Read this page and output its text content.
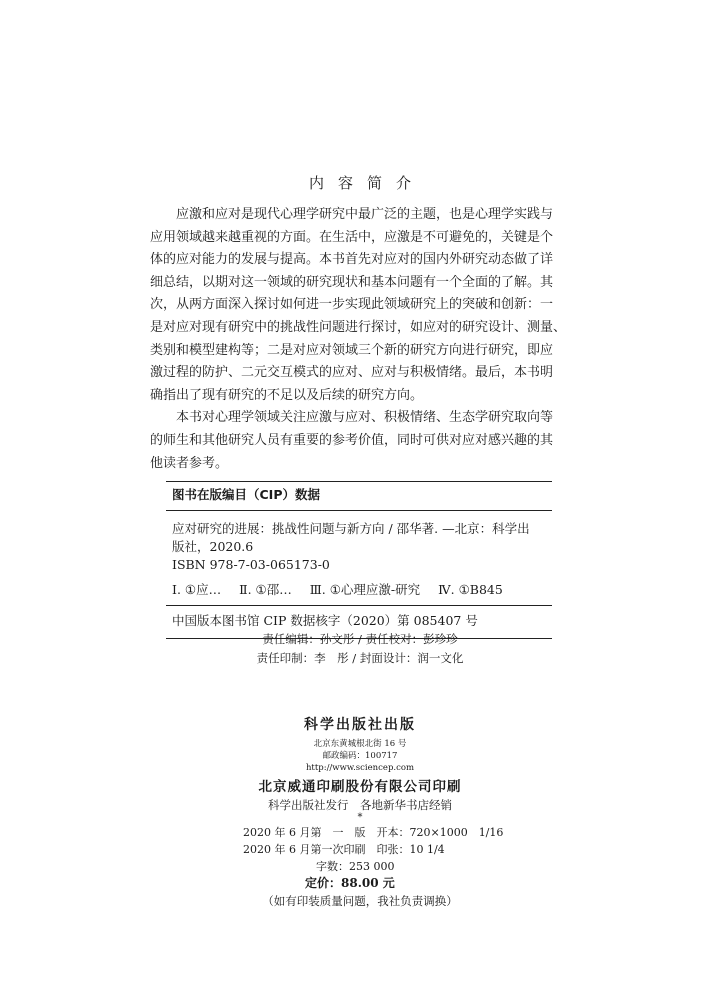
内容简介
应激和应对是现代心理学研究中最广泛的主题，也是心理学实践与
应用领域越来越重视的方面。在生活中，应激是不可避免的，关键是个
体的应对能力的发展与提高。本书首先对应对的国内外研究动态做了详
细总结，以期对这一领域的研究现状和基本问题有一个全面的了解。其
次，从两方面深入探讨如何进一步实现此领域研究上的突破和创新：一
是对应对现有研究中的挑战性问题进行探讨，如应对的研究设计、测量、
类别和模型建构等；二是对应对领域三个新的研究方向进行研究，即应
激过程的防护、二元交互模式的应对、应对与积极情绪。最后，本书明
确指出了现有研究的不足以及后续的研究方向。
本书对心理学领域关注应激与应对、积极情绪、生态学研究取向等
的师生和其他研究人员有重要的参考价值，同时可供对应对感兴趣的其
他读者参考。
图书在版编目（CIP）数据
应对研究的进展：挑战性问题与新方向 / 邵华著. —北京：科学出
版社，2020.6
ISBN 978-7-03-065173-0
Ⅰ. ①应… Ⅱ. ①邵… Ⅲ. ①心理应激-研究 Ⅳ. ①B845
中国版本图书馆 CIP 数据核字（2020）第 085407 号
责任编辑：孙文彤 / 责任校对：彭珍珍
责任印制：李　彤 / 封面设计：润一文化
科学出版社出版
北京东黄城根北街 16 号
邮政编码：100717
http://www.sciencep.com
北京威通印刷股份有限公司印刷
科学出版社发行　各地新华书店经销
*
2020 年 6 月第　一　版　开本：720×1000　1/16
2020 年 6 月第一次印刷　印张：10 1/4
字数：253 000
定价：88.00 元
（如有印装质量问题，我社负责调换）
